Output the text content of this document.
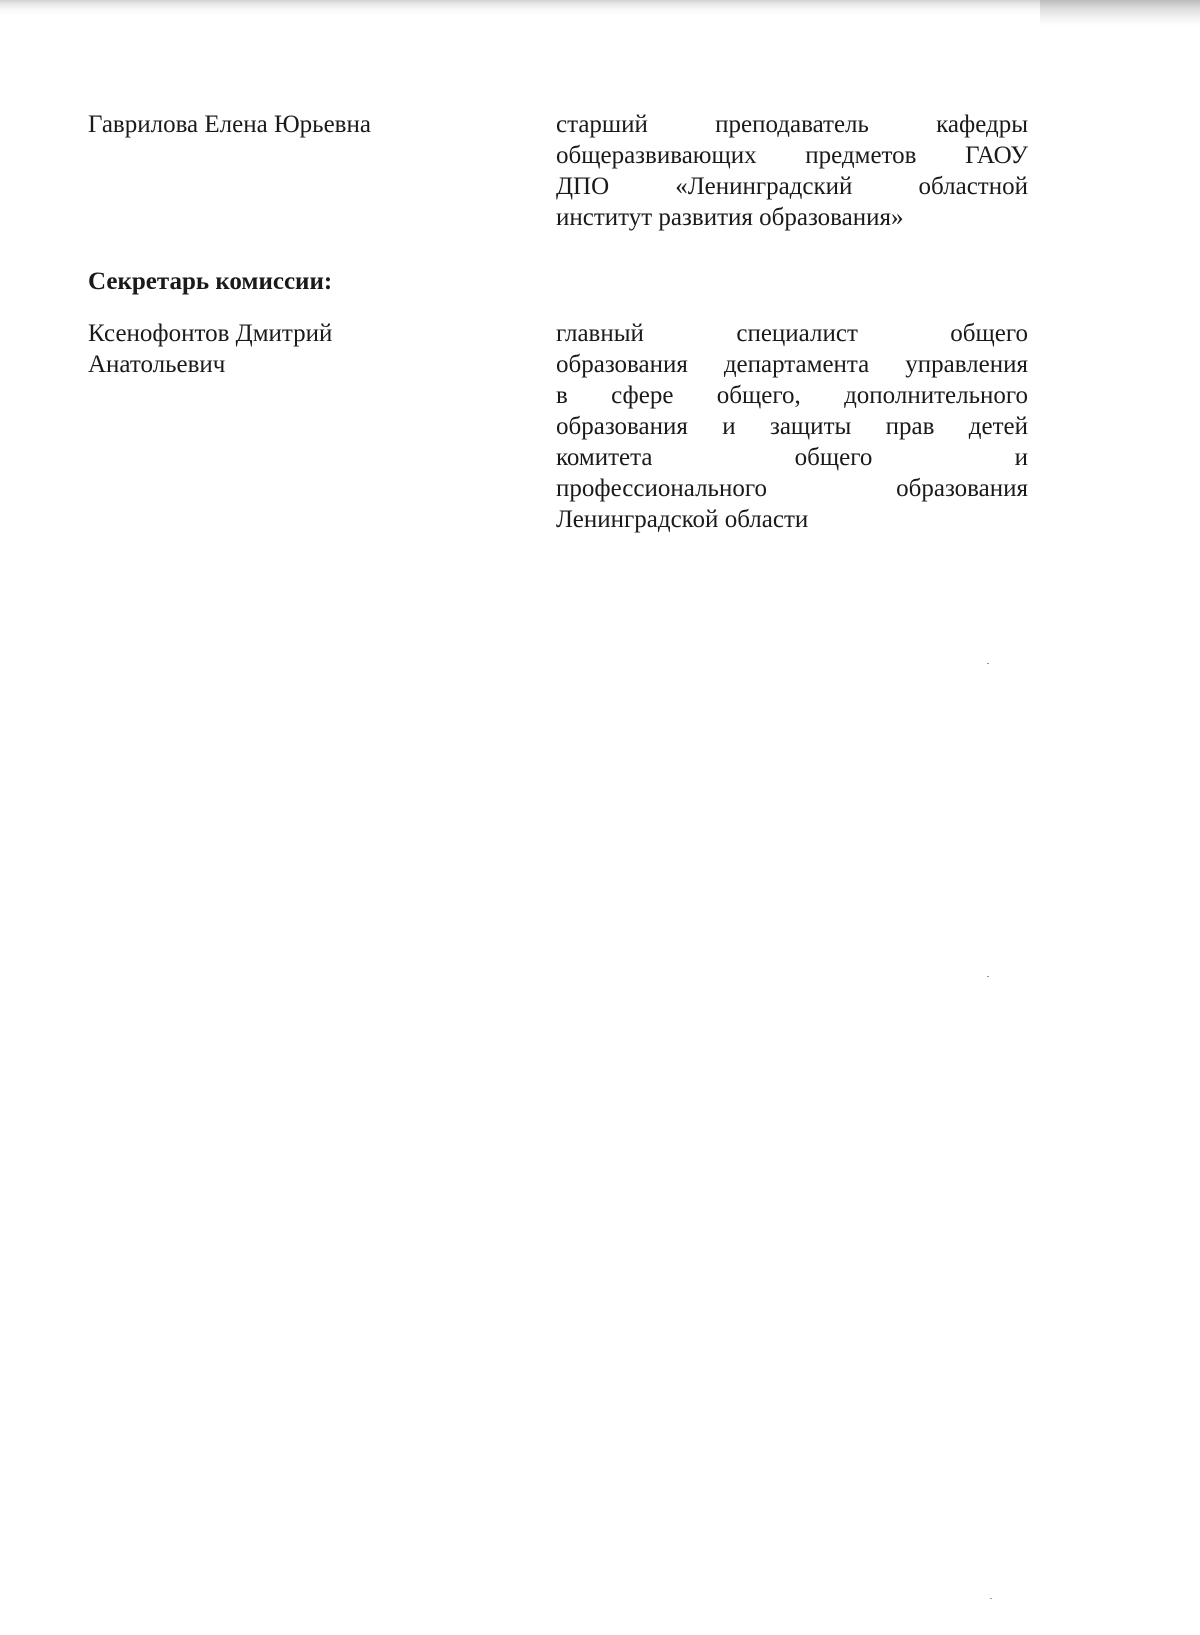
Гаврилова Елена Юрьевна	старший преподаватель кафедры
общеразвивающих предметов ГАОУ
ДПО «Ленинградский областной
институт развития образования»
Секретарь комиссии:
Ксенофонтов Дмитрий
Анатольевич
главный специалист общего
образования департамента управления
в сфере общего, дополнительного
образования и защиты прав детей
комитета общего и
профессионального образования
Ленинградской области
